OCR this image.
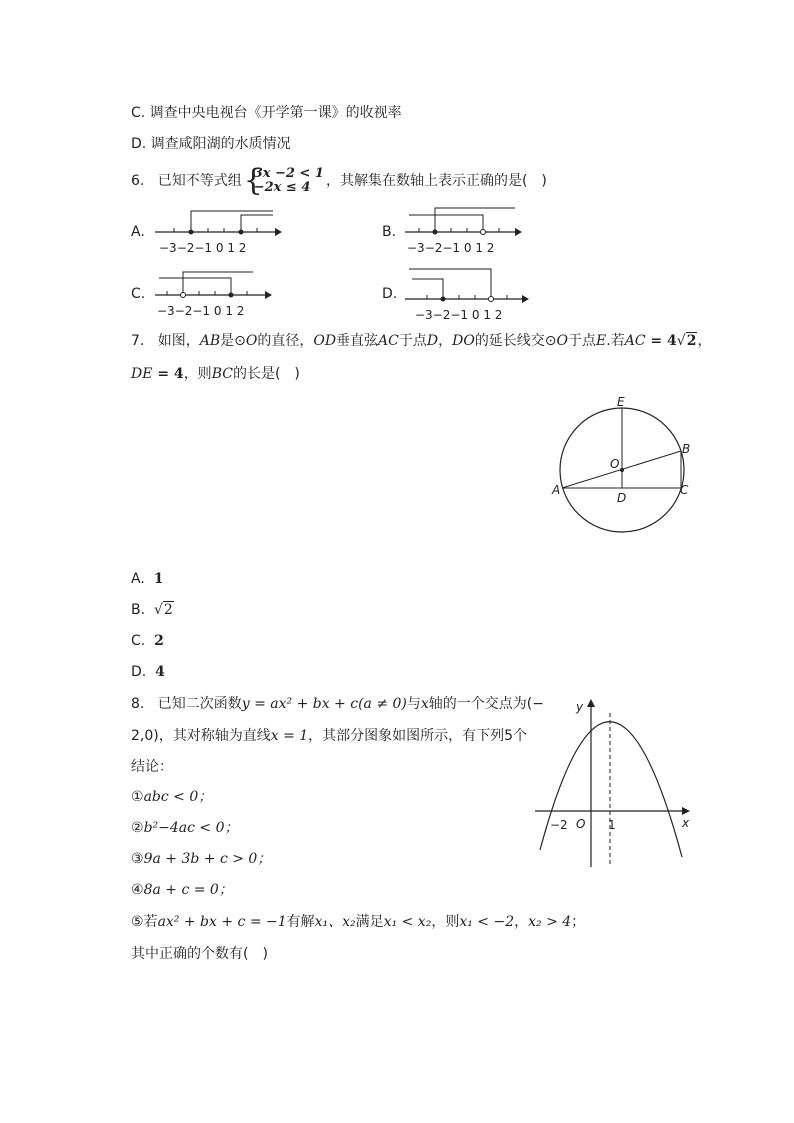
C. 调查中央电视台《开学第一课》的收视率
D. 调查咸阳湖的水质情况
6. 已知不等式组 {
3x −2 < 1
−2x ≤ 4	，其解集在数轴上表示正确的是(　)
A.
−3−2−1 0 1 2
B.
−3−2−1 0 1 2
C.
−3−2−1 0 1 2
D.
−3−2−1 0 1 2
7. 如图，AB是⊙O的直径，OD垂直弦AC于点D，DO的延长线交⊙O于点E.若AC = 4√2，
DE = 4，则BC的长是(　)
E
B
O
A	C
D
A. 1
B. √2
C. 2
D. 4
8. 已知二次函数y = ax² + bx + c(a ≠ 0)与x轴的一个交点为(−
2,0)，其对称轴为直线x = 1，其部分图象如图所示，有下列5个
结论：
①abc < 0；
②b²−4ac < 0；
③9a + 3b + c > 0；
④8a + c = 0；
⑤若ax² + bx + c = −1有解x₁、x₂满足x₁ < x₂，则x₁ < −2，x₂ > 4；
其中正确的个数有(　)
y
x
−2 O 1
